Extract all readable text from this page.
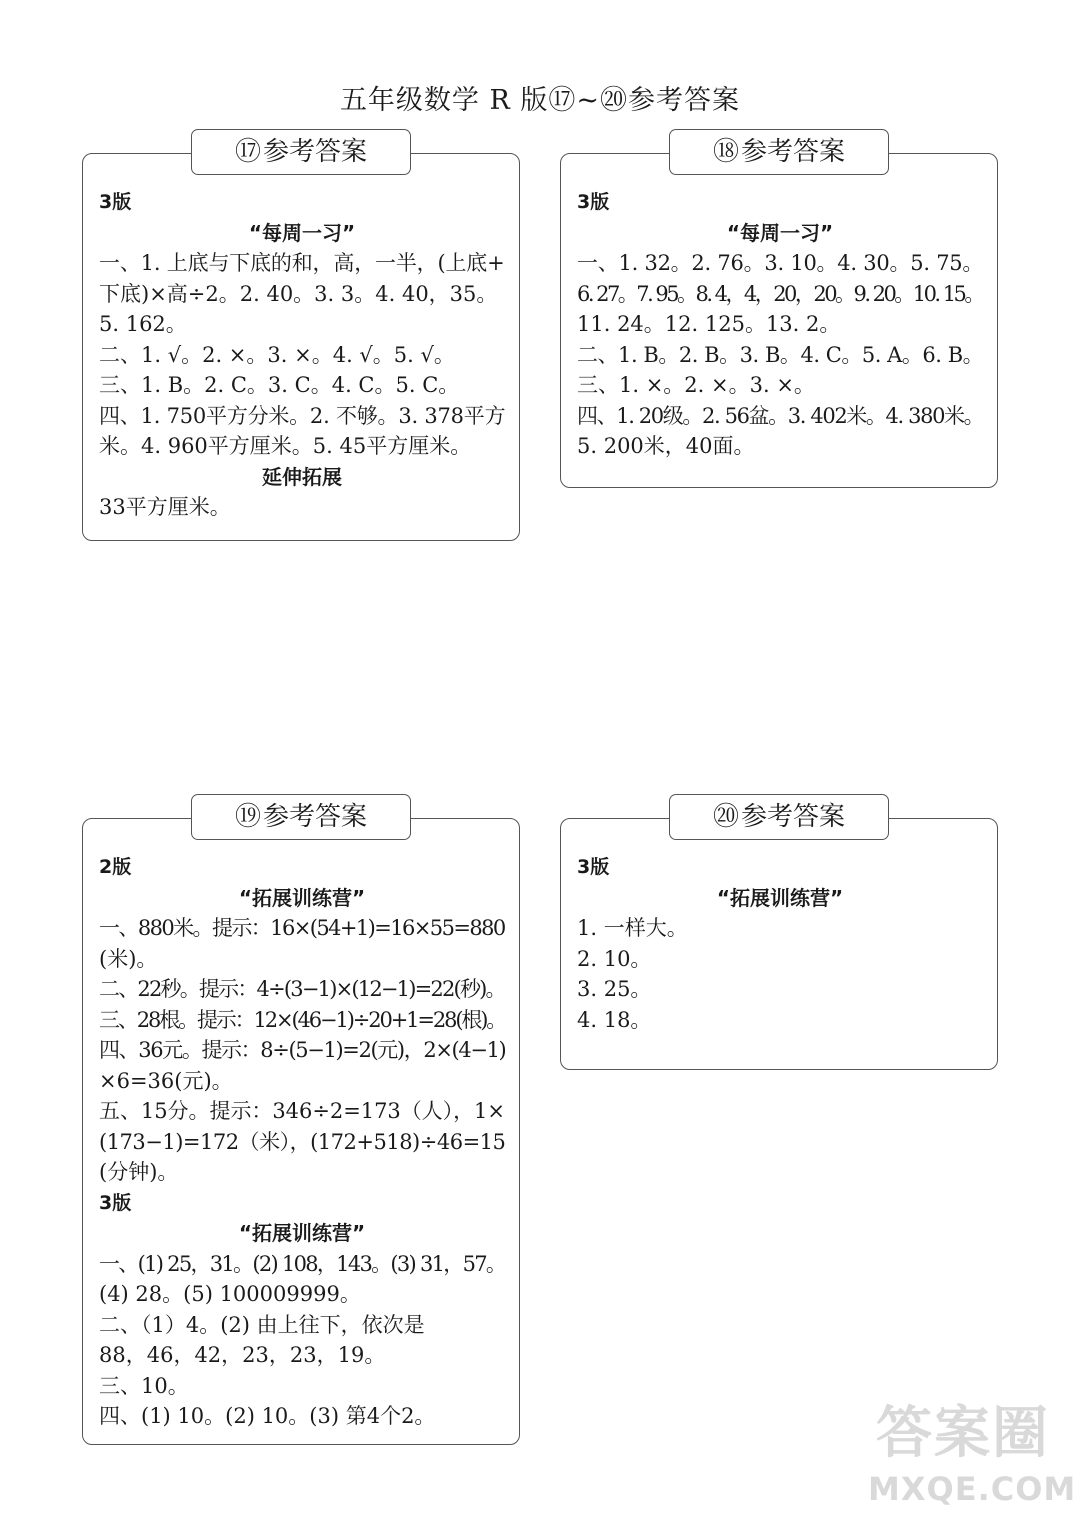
五年级数学 R 版⑰~⑳参考答案
⑰ 参考答案
3版
“每周一习”
一、1. 上底与下底的和，高，一半，(上底+
下底)×高÷2。2. 40。3. 3。4. 40，35。
5. 162。
二、1. √。2. ×。3. ×。4. √。5. √。
三、1. B。2. C。3. C。4. C。5. C。
四、1. 750平方分米。2. 不够。3. 378平方
米。4. 960平方厘米。5. 45平方厘米。
延伸拓展
33平方厘米。
⑱ 参考答案
3版
“每周一习”
一、1. 32。2. 76。3. 10。4. 30。5. 75。
6. 27。7. 95。8. 4，4，20，20。9. 20。10. 15。
11. 24。12. 125。13. 2。
二、1. B。2. B。3. B。4. C。5. A。6. B。
三、1. ×。2. ×。3. ×。
四、1. 20级。2. 56盆。3. 402米。4. 380米。
5. 200米，40面。
⑲ 参考答案
2版
“拓展训练营”
一、880米。提示：16×(54+1)=16×55=880
(米)。
二、22秒。提示：4÷(3−1)×(12−1)=22(秒)。
三、28根。提示：12×(46−1)÷20+1=28(根)。
四、36元。提示：8÷(5−1)=2(元)，2×(4−1)
×6=36(元)。
五、15分。提示：346÷2=173（人），1×
(173−1)=172（米），(172+518)÷46=15
(分钟)。
3版
“拓展训练营”
一、(1) 25，31。(2) 108，143。(3) 31，57。
(4) 28。(5) 100009999。
二、（1）4。(2) 由上往下，依次是
88，46，42，23，23，19。
三、10。
四、(1) 10。(2) 10。(3) 第4个2。
⑳ 参考答案
3版
“拓展训练营”
1. 一样大。
2. 10。
3. 25。
4. 18。
答案圈
MXQE.COM
